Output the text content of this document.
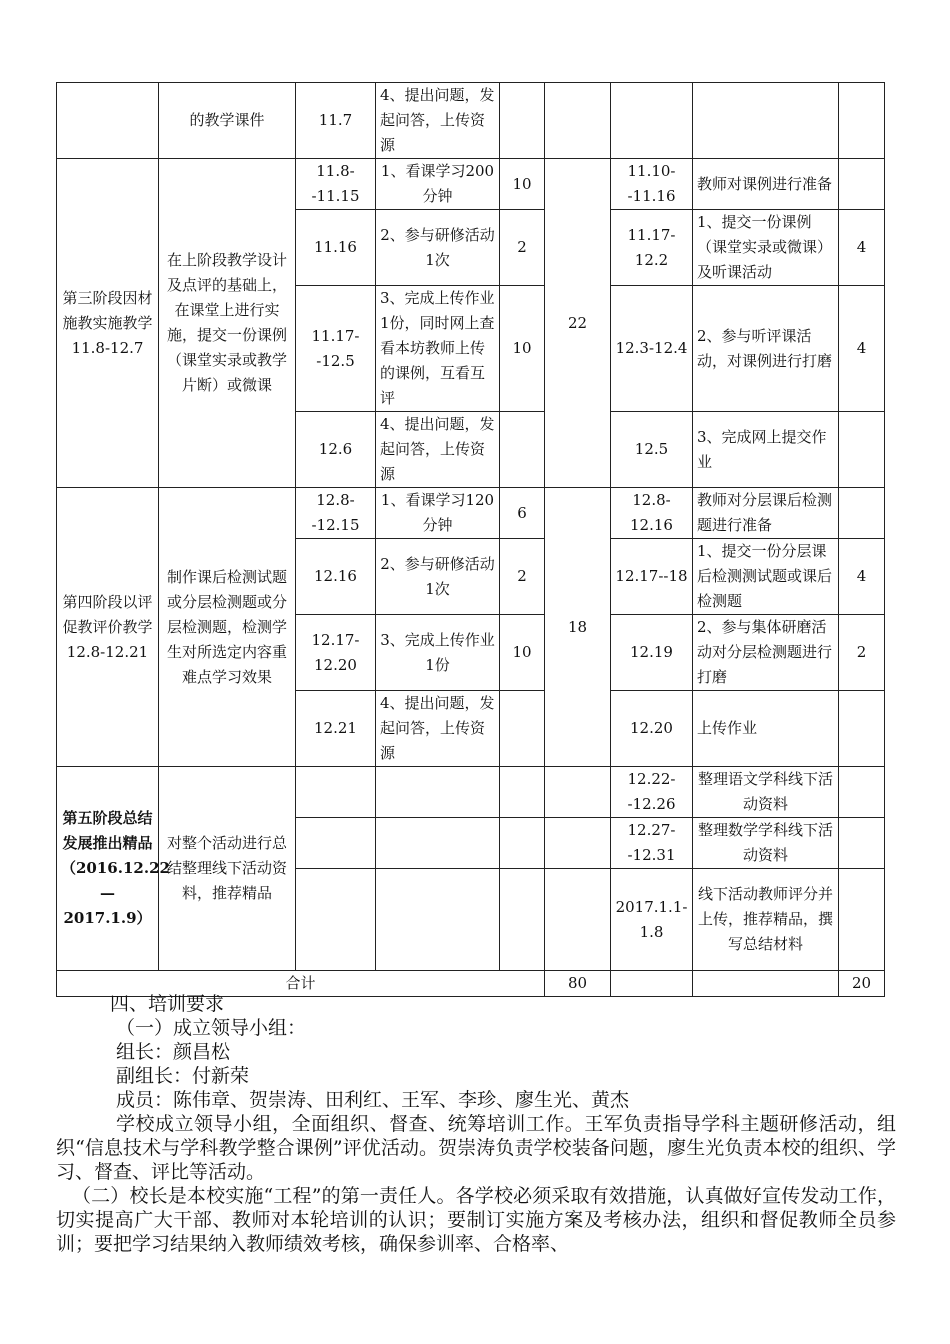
	的教学课件	11.7	4、提出问题，发起问答，上传资源					
第三阶段因材施教实施教学11.8-12.7	在上阶段教学设计及点评的基础上，在课堂上进行实施，提交一份课例（课堂实录或教学片断）或微课	11.8--11.15	1、看课学习200分钟	10	22	11.10--11.16	教师对课例进行准备	
		11.16	2、参与研修活动1次	2		11.17-12.2	1、提交一份课例（课堂实录或微课）及听课活动	4
		11.17--12.5	3、完成上传作业1份，同时网上查看本坊教师上传的课例，互看互评	10		12.3-12.4	2、参与听评课活动，对课例进行打磨	4
		12.6	4、提出问题，发起问答，上传资源			12.5	3、完成网上提交作业	
第四阶段以评促教评价教学12.8-12.21	制作课后检测试题或分层检测题或分层检测题，检测学生对所选定内容重难点学习效果	12.8--12.15	1、看课学习120分钟	6	18	12.8-12.16	教师对分层课后检测题进行准备	
		12.16	2、参与研修活动1次	2		12.17--18	1、提交一份分层课后检测测试题或课后检测题	4
		12.17-12.20	3、完成上传作业1份	10		12.19	2、参与集体研磨活动对分层检测题进行打磨	2
		12.21	4、提出问题，发起问答，上传资源			12.20	上传作业	
第五阶段总结发展推出精品（2016.12.22—2017.1.9）	对整个活动进行总结整理线下活动资料，推荐精品					12.22--12.26	整理语文学科线下活动资料	
						12.27--12.31	整理数学学科线下活动资料	
						2017.1.1-1.8	线下活动教师评分并上传，推荐精品，撰写总结材料	
合计					80			20

四、培训要求

（一）成立领导小组：

组长：颜昌松

副组长：付新荣

成员：陈伟章、贺崇涛、田利红、王军、李珍、廖生光、黄杰

学校成立领导小组，全面组织、督查、统筹培训工作。王军负责指导学科主题研修活动，组织“信息技术与学科教学整合课例”评优活动。贺崇涛负责学校装备问题，廖生光负责本校的组织、学习、督查、评比等活动。

（二）校长是本校实施“工程”的第一责任人。各学校必须采取有效措施，认真做好宣传发动工作，切实提高广大干部、教师对本轮培训的认识；要制订实施方案及考核办法，组织和督促教师全员参训；要把学习结果纳入教师绩效考核，确保参训率、合格率、
